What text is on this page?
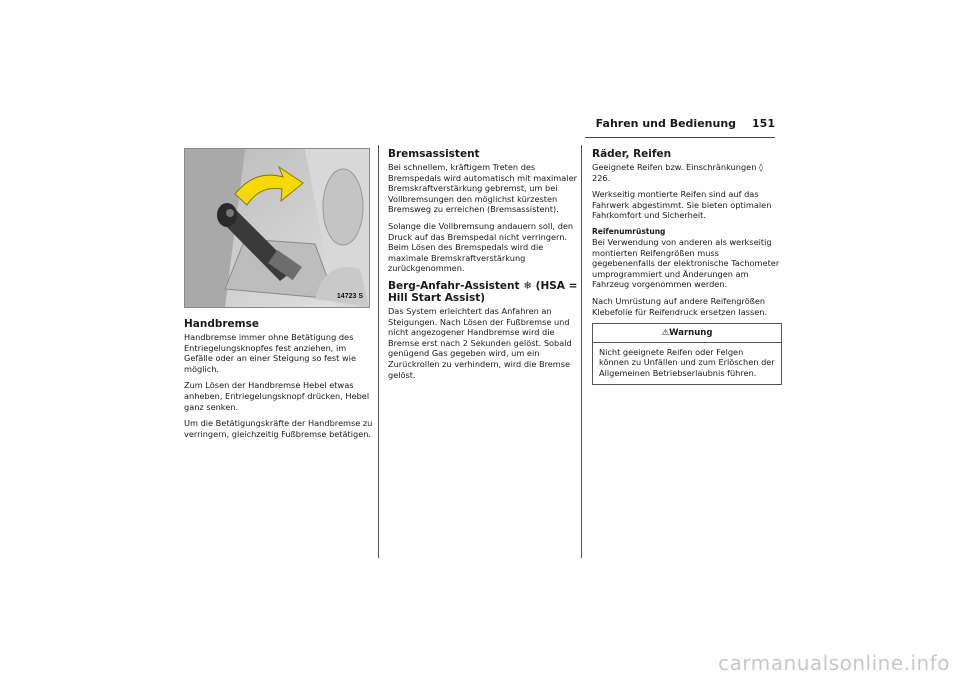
Fahren und Bedienung 151
14723 S
Handbremse

Handbremse immer ohne Betätigung des Entriegelungsknopfes fest anziehen, im Gefälle oder an einer Steigung so fest wie möglich.

Zum Lösen der Handbremse Hebel etwas anheben, Entriegelungsknopf drücken, Hebel ganz senken.

Um die Betätigungskräfte der Handbremse zu verringern, gleichzeitig Fußbremse betätigen.

Bremsassistent

Bei schnellem, kräftigem Treten des Bremspedals wird automatisch mit maximaler Bremskraftverstärkung gebremst, um bei Vollbremsungen den möglichst kürzesten Bremsweg zu erreichen (Bremsassistent).

Solange die Vollbremsung andauern soll, den Druck auf das Bremspedal nicht verringern. Beim Lösen des Bremspedals wird die maximale Bremskraftverstärkung zurückgenommen.

Berg-Anfahr-Assistent ❄ (HSA = Hill Start Assist)

Das System erleichtert das Anfahren an Steigungen. Nach Lösen der Fußbremse und nicht angezogener Handbremse wird die Bremse erst nach 2 Sekunden gelöst. Sobald genügend Gas gegeben wird, um ein Zurückrollen zu verhindern, wird die Bremse gelöst.

Räder, Reifen

Geeignete Reifen bzw. Einschränkungen ◊ 226.

Werkseitig montierte Reifen sind auf das Fahrwerk abgestimmt. Sie bieten optimalen Fahrkomfort und Sicherheit.

Reifenumrüstung

Bei Verwendung von anderen als werkseitig montierten Reifengrößen muss gegebenenfalls der elektronische Tachometer umprogrammiert und Änderungen am Fahrzeug vorgenommen werden.

Nach Umrüstung auf andere Reifengrößen Klebefolie für Reifendruck ersetzen lassen.

⚠Warnung
Nicht geeignete Reifen oder Felgen können zu Unfällen und zum Erlöschen der Allgemeinen Betriebserlaubnis führen.
carmanualsonline.info
